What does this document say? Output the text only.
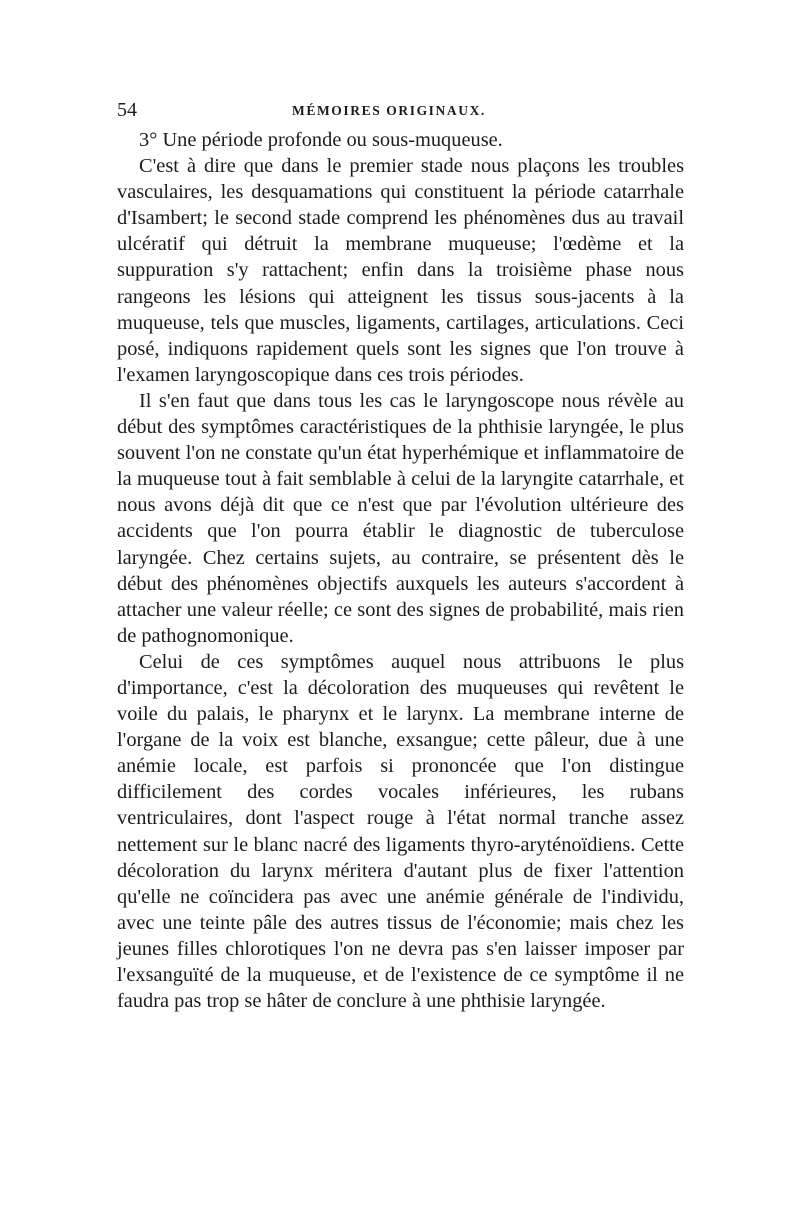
54	MÉMOIRES ORIGINAUX.

3° Une période profonde ou sous-muqueuse.

C'est à dire que dans le premier stade nous plaçons les troubles vasculaires, les desquamations qui constituent la période catarrhale d'Isambert; le second stade comprend les phénomènes dus au travail ulcératif qui détruit la membrane muqueuse; l'œdème et la suppuration s'y rattachent; enfin dans la troisième phase nous rangeons les lésions qui atteignent les tissus sous-jacents à la muqueuse, tels que muscles, ligaments, cartilages, articulations. Ceci posé, indiquons rapidement quels sont les signes que l'on trouve à l'examen laryngoscopique dans ces trois périodes.

Il s'en faut que dans tous les cas le laryngoscope nous révèle au début des symptômes caractéristiques de la phthisie laryngée, le plus souvent l'on ne constate qu'un état hyperhémique et inflammatoire de la muqueuse tout à fait semblable à celui de la laryngite catarrhale, et nous avons déjà dit que ce n'est que par l'évolution ultérieure des accidents que l'on pourra établir le diagnostic de tuberculose laryngée. Chez certains sujets, au contraire, se présentent dès le début des phénomènes objectifs auxquels les auteurs s'accordent à attacher une valeur réelle; ce sont des signes de probabilité, mais rien de pathognomonique.

Celui de ces symptômes auquel nous attribuons le plus d'importance, c'est la décoloration des muqueuses qui revêtent le voile du palais, le pharynx et le larynx. La membrane interne de l'organe de la voix est blanche, exsangue; cette pâleur, due à une anémie locale, est parfois si prononcée que l'on distingue difficilement des cordes vocales inférieures, les rubans ventriculaires, dont l'aspect rouge à l'état normal tranche assez nettement sur le blanc nacré des ligaments thyro-aryténoïdiens. Cette décoloration du larynx méritera d'autant plus de fixer l'attention qu'elle ne coïncidera pas avec une anémie générale de l'individu, avec une teinte pâle des autres tissus de l'économie; mais chez les jeunes filles chlorotiques l'on ne devra pas s'en laisser imposer par l'exsanguïté de la muqueuse, et de l'existence de ce symptôme il ne faudra pas trop se hâter de conclure à une phthisie laryngée.
